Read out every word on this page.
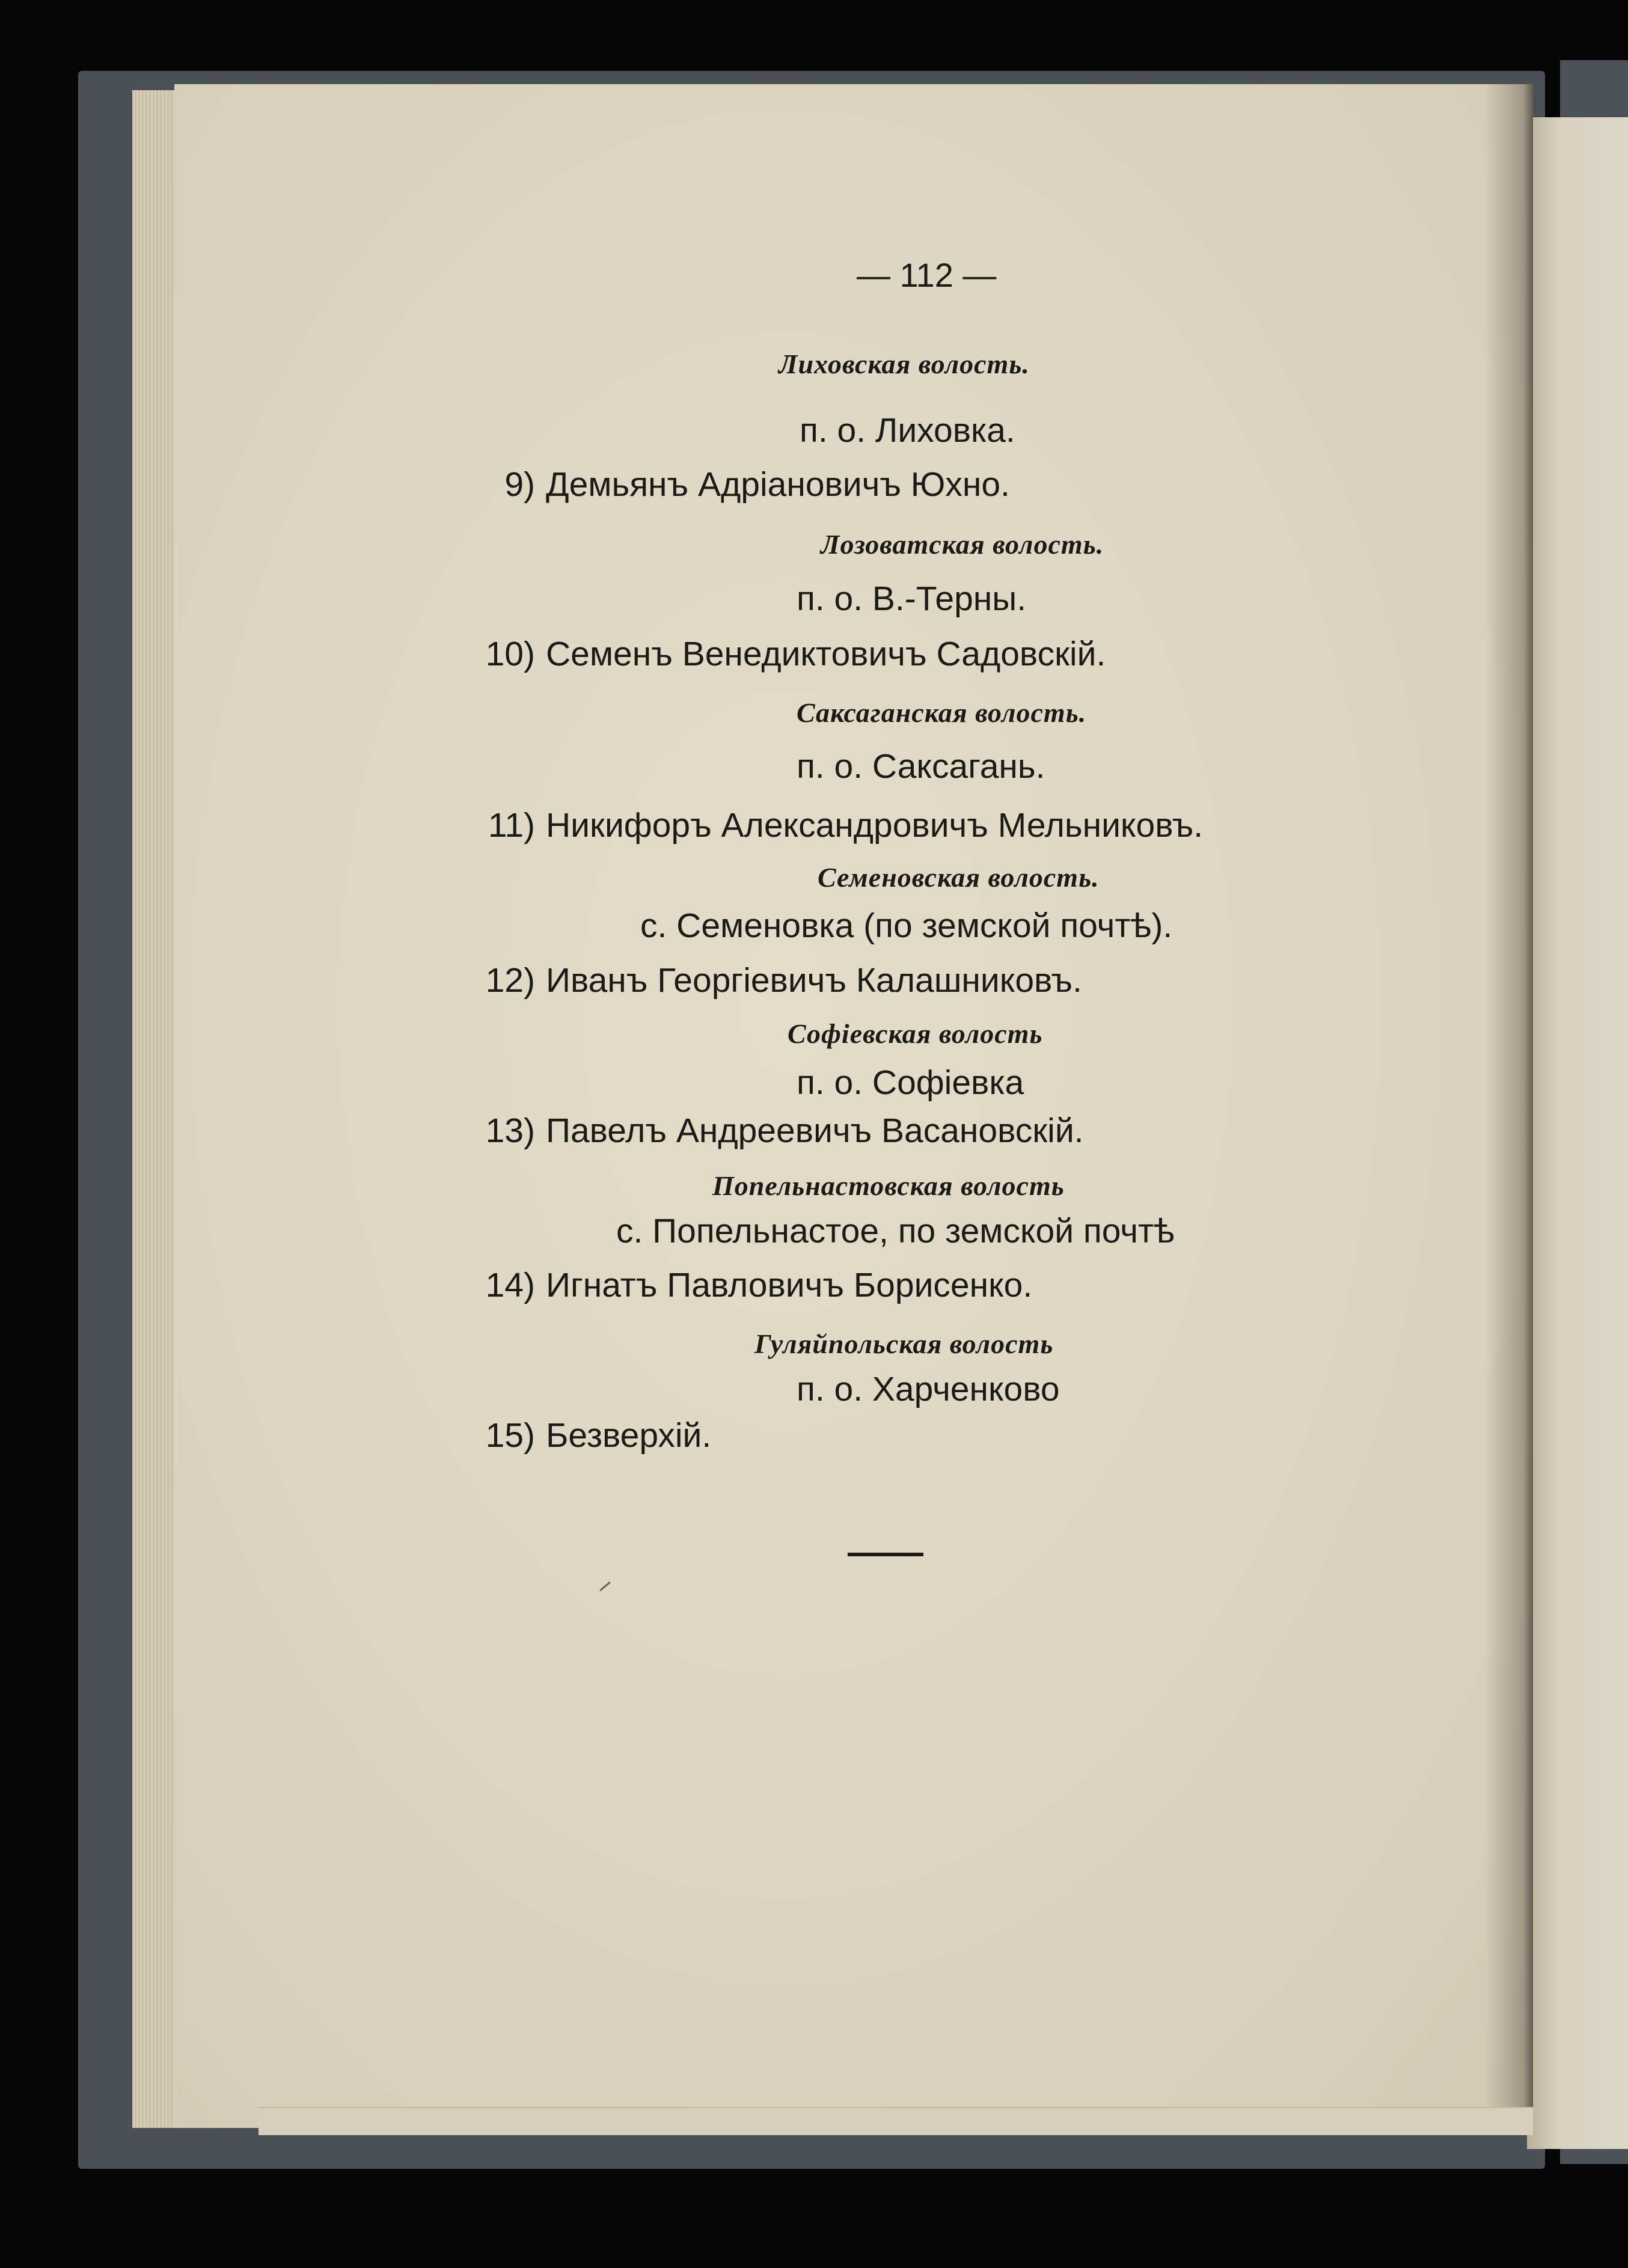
— 112 —
Лиховская волость.
п. о. Лиховка.
9) Демьянъ Адріановичъ Юхно.
Лозоватская волость.
п. о. В.-Терны.
10) Семенъ Венедиктовичъ Садовскій.
Саксаганская волость.
п. о. Саксагань.
11) Никифоръ Александровичъ Мельниковъ.
Семеновская волость.
с. Семеновка (по земской почтѣ).
12) Иванъ Георгіевичъ Калашниковъ.
Софіевская волость
п. о. Софіевка
13) Павелъ Андреевичъ Васановскій.
Попельнастовская волость
с. Попельнастое, по земской почтѣ
14) Игнатъ Павловичъ Борисенко.
Гуляйпольская волость
п. о. Харченково
15) Безверхій.
